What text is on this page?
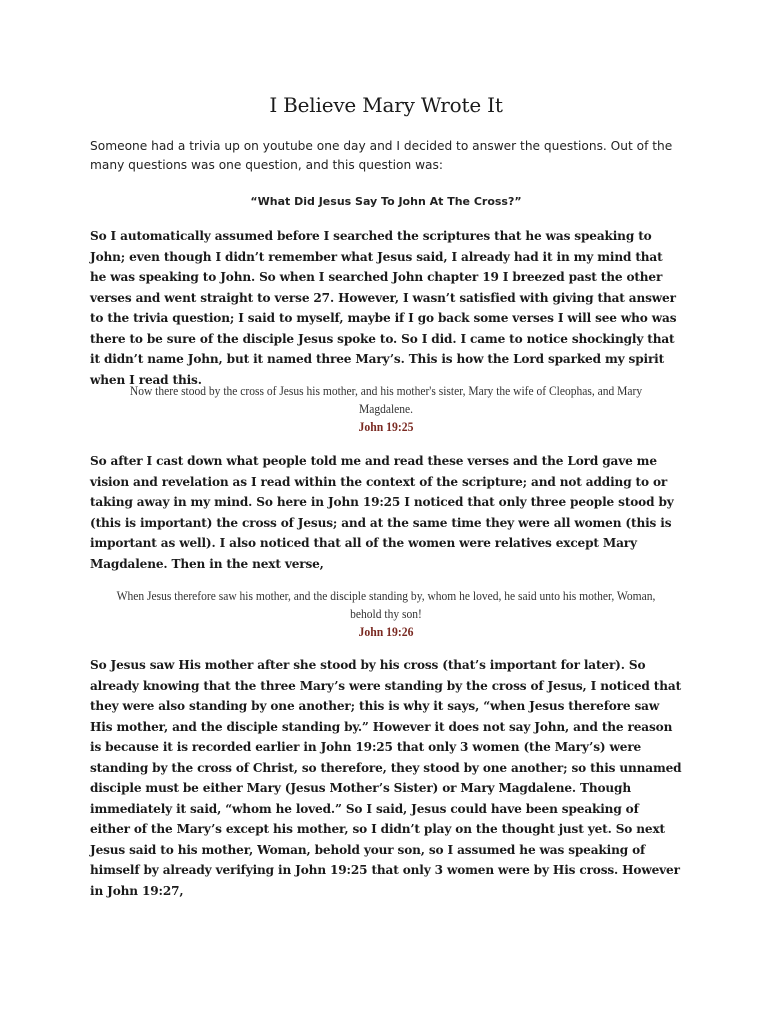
I Believe Mary Wrote It

Someone had a trivia up on youtube one day and I decided to answer the questions. Out of the many questions was one question, and this question was:

“What Did Jesus Say To John At The Cross?”

So I automatically assumed before I searched the scriptures that he was speaking to John; even though I didn’t remember what Jesus said, I already had it in my mind that he was speaking to John. So when I searched John chapter 19 I breezed past the other verses and went straight to verse 27. However, I wasn’t satisfied with giving that answer to the trivia question; I said to myself, maybe if I go back some verses I will see who was there to be sure of the disciple Jesus spoke to. So I did. I came to notice shockingly that it didn’t name John, but it named three Mary’s. This is how the Lord sparked my spirit when I read this.

Now there stood by the cross of Jesus his mother, and his mother's sister, Mary the wife of Cleophas, and Mary Magdalene.
John 19:25

So after I cast down what people told me and read these verses and the Lord gave me vision and revelation as I read within the context of the scripture; and not adding to or taking away in my mind. So here in John 19:25 I noticed that only three people stood by (this is important) the cross of Jesus; and at the same time they were all women (this is important as well). I also noticed that all of the women were relatives except Mary Magdalene. Then in the next verse,

When Jesus therefore saw his mother, and the disciple standing by, whom he loved, he said unto his mother, Woman, behold thy son!
John 19:26

So Jesus saw His mother after she stood by his cross (that’s important for later). So already knowing that the three Mary’s were standing by the cross of Jesus, I noticed that they were also standing by one another; this is why it says, “when Jesus therefore saw His mother, and the disciple standing by.” However it does not say John, and the reason is because it is recorded earlier in John 19:25 that only 3 women (the Mary’s) were standing by the cross of Christ, so therefore, they stood by one another; so this unnamed disciple must be either Mary (Jesus Mother’s Sister) or Mary Magdalene. Though immediately it said, “whom he loved.” So I said, Jesus could have been speaking of either of the Mary’s except his mother, so I didn’t play on the thought just yet. So next Jesus said to his mother, Woman, behold your son, so I assumed he was speaking of himself by already verifying in John 19:25 that only 3 women were by His cross. However in John 19:27,
